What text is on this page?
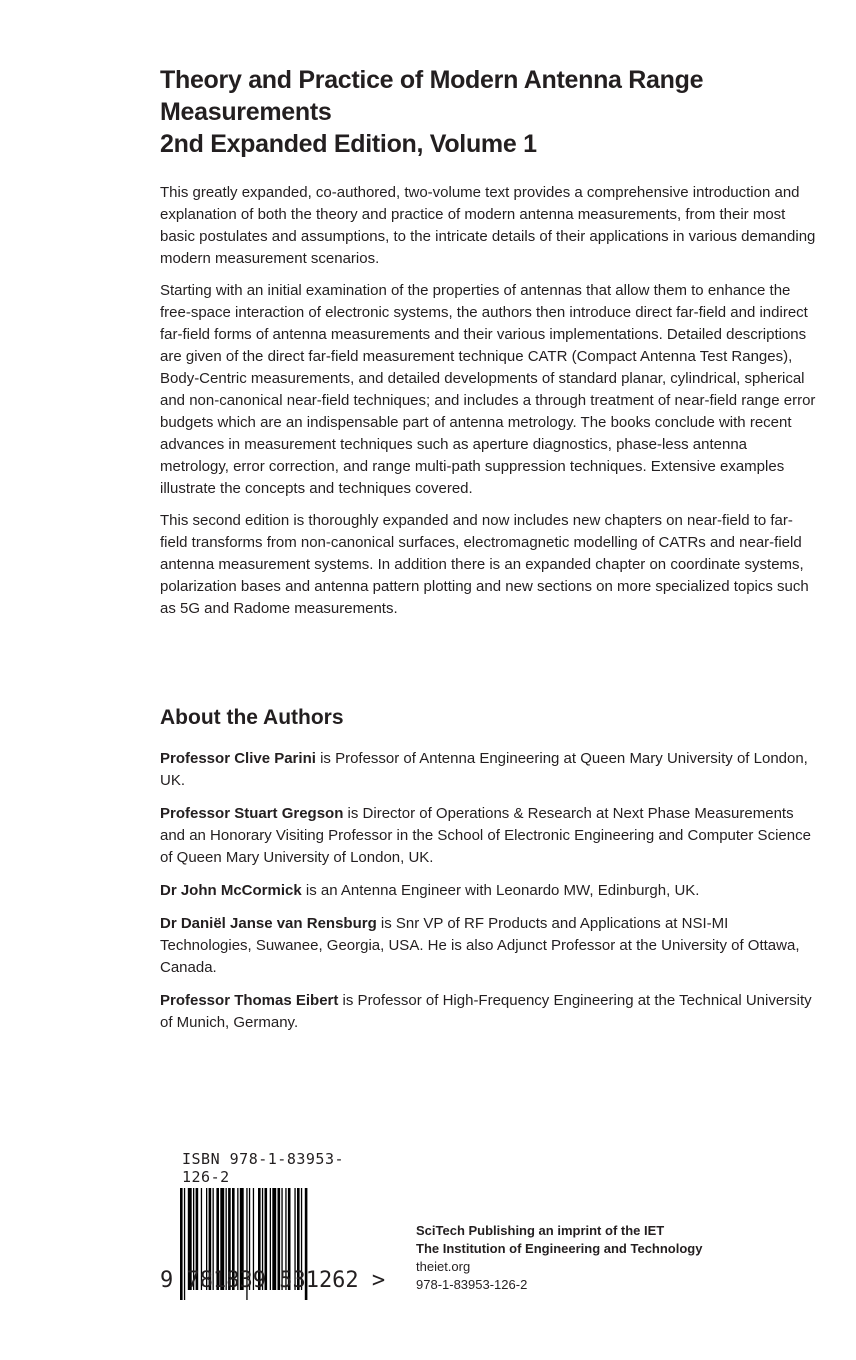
Theory and Practice of Modern Antenna Range Measurements
2nd Expanded Edition, Volume 1

This greatly expanded, co-authored, two-volume text provides a comprehensive introduction and explanation of both the theory and practice of modern antenna measurements, from their most basic postulates and assumptions, to the intricate details of their applications in various demanding modern measurement scenarios.

Starting with an initial examination of the properties of antennas that allow them to enhance the free-space interaction of electronic systems, the authors then introduce direct far-field and indirect far-field forms of antenna measurements and their various implementations. Detailed descriptions are given of the direct far-field measurement technique CATR (Compact Antenna Test Ranges), Body-Centric measurements, and detailed developments of standard planar, cylindrical, spherical and non-canonical near-field techniques; and includes a through treatment of near-field range error budgets which are an indispensable part of antenna metrology. The books conclude with recent advances in measurement techniques such as aperture diagnostics, phase-less antenna metrology, error correction, and range multi-path suppression techniques. Extensive examples illustrate the concepts and techniques covered.

This second edition is thoroughly expanded and now includes new chapters on near-field to far-field transforms from non-canonical surfaces, electromagnetic modelling of CATRs and near-field antenna measurement systems. In addition there is an expanded chapter on coordinate systems, polarization bases and antenna pattern plotting and new sections on more specialized topics such as 5G and Radome measurements.

About the Authors

Professor Clive Parini is Professor of Antenna Engineering at Queen Mary University of London, UK.

Professor Stuart Gregson is Director of Operations & Research at Next Phase Measurements and an Honorary Visiting Professor in the School of Electronic Engineering and Computer Science of Queen Mary University of London, UK.

Dr John McCormick is an Antenna Engineer with Leonardo MW, Edinburgh, UK.

Dr Daniël Janse van Rensburg is Snr VP of RF Products and Applications at NSI-MI Technologies, Suwanee, Georgia, USA. He is also Adjunct Professor at the University of Ottawa, Canada.

Professor Thomas Eibert is Professor of High-Frequency Engineering at the Technical University of Munich, Germany.

ISBN 978-1-83953-126-2
9 781839 531262 >
SciTech Publishing an imprint of the IET
The Institution of Engineering and Technology
theiet.org
978-1-83953-126-2
